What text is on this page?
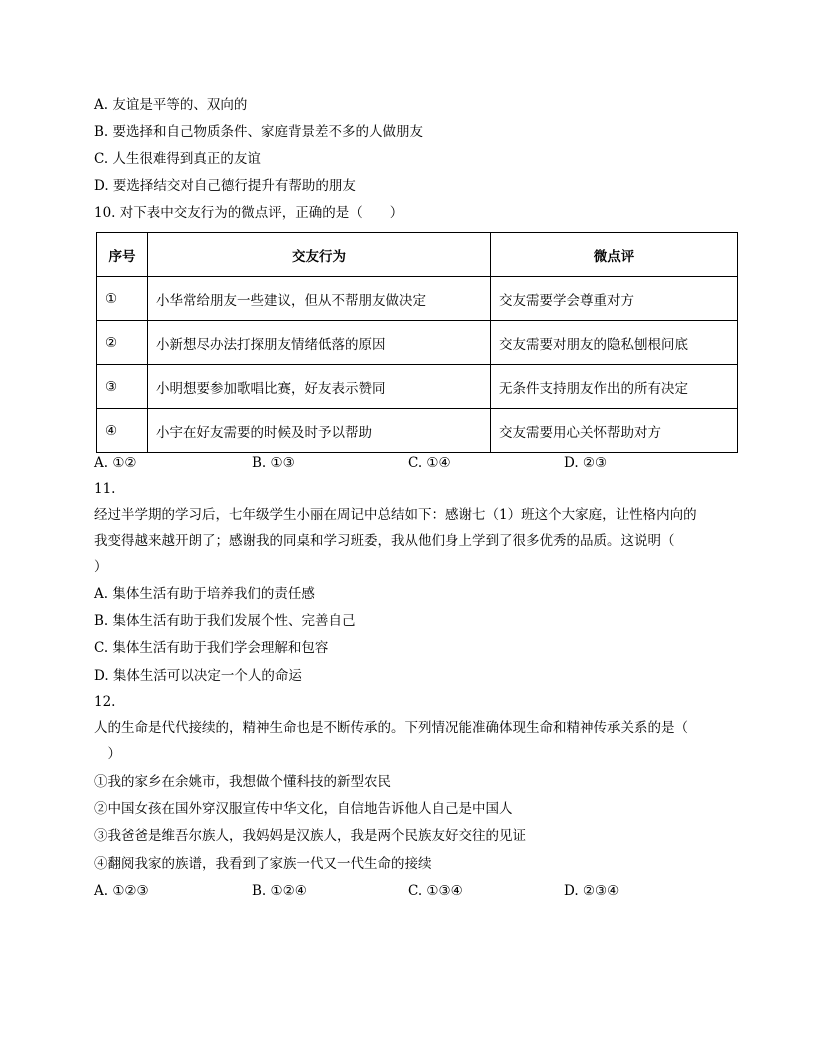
A. 友谊是平等的、双向的
B. 要选择和自己物质条件、家庭背景差不多的人做朋友
C. 人生很难得到真正的友谊
D. 要选择结交对自己德行提升有帮助的朋友
10. 对下表中交友行为的微点评，正确的是（　　）
序号	交友行为	微点评
①	小华常给朋友一些建议，但从不帮朋友做决定	交友需要学会尊重对方
②	小新想尽办法打探朋友情绪低落的原因	交友需要对朋友的隐私刨根问底
③	小明想要参加歌唱比赛，好友表示赞同	无条件支持朋友作出的所有决定
④	小宇在好友需要的时候及时予以帮助	交友需要用心关怀帮助对方
A. ①②	B. ①③	C. ①④	D. ②③
11.
经过半学期的学习后，七年级学生小丽在周记中总结如下：感谢七（1）班这个大家庭，让性格内向的
我变得越来越开朗了；感谢我的同桌和学习班委，我从他们身上学到了很多优秀的品质。这说明（
）
A. 集体生活有助于培养我们的责任感
B. 集体生活有助于我们发展个性、完善自己
C. 集体生活有助于我们学会理解和包容
D. 集体生活可以决定一个人的命运
12.
人的生命是代代接续的，精神生命也是不断传承的。下列情况能准确体现生命和精神传承关系的是（
　）
①我的家乡在余姚市，我想做个懂科技的新型农民
②中国女孩在国外穿汉服宣传中华文化，自信地告诉他人自己是中国人
③我爸爸是维吾尔族人，我妈妈是汉族人，我是两个民族友好交往的见证
④翻阅我家的族谱，我看到了家族一代又一代生命的接续
A. ①②③	B. ①②④	C. ①③④	D. ②③④
